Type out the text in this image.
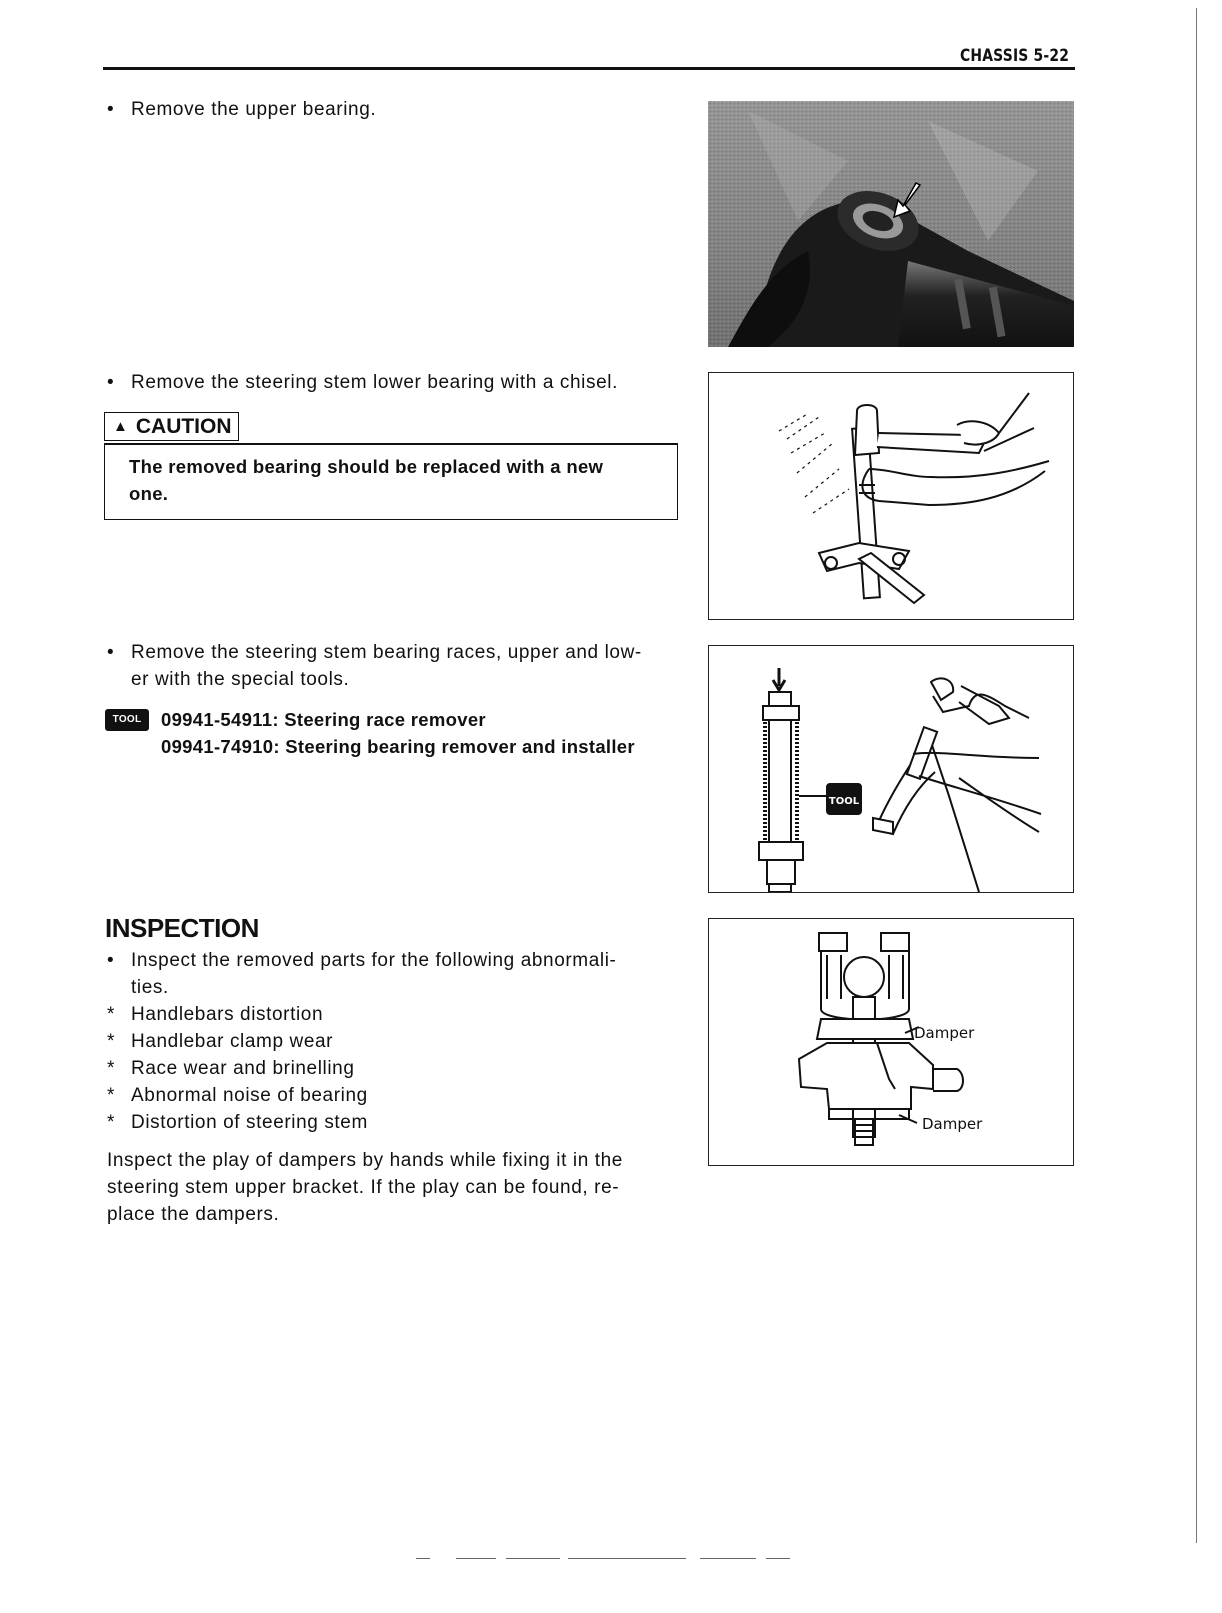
CHASSIS 5-22
• Remove the upper bearing.
• Remove the steering stem lower bearing with a chisel.
▲ CAUTION
The removed bearing should be replaced with a new
one.
• Remove the steering stem bearing races, upper and low-
er with the special tools.
TOOL	09941-54911: Steering race remover
09941-74910: Steering bearing remover and installer
TOOL
INSPECTION
• Inspect the removed parts for the following abnormali-
ties.
* Handlebars distortion
* Handlebar clamp wear
* Race wear and brinelling
* Abnormal noise of bearing
* Distortion of steering stem
Inspect the play of dampers by hands while fixing it in the
steering stem upper bracket. If the play can be found, re-
place the dampers.
Damper
Damper
